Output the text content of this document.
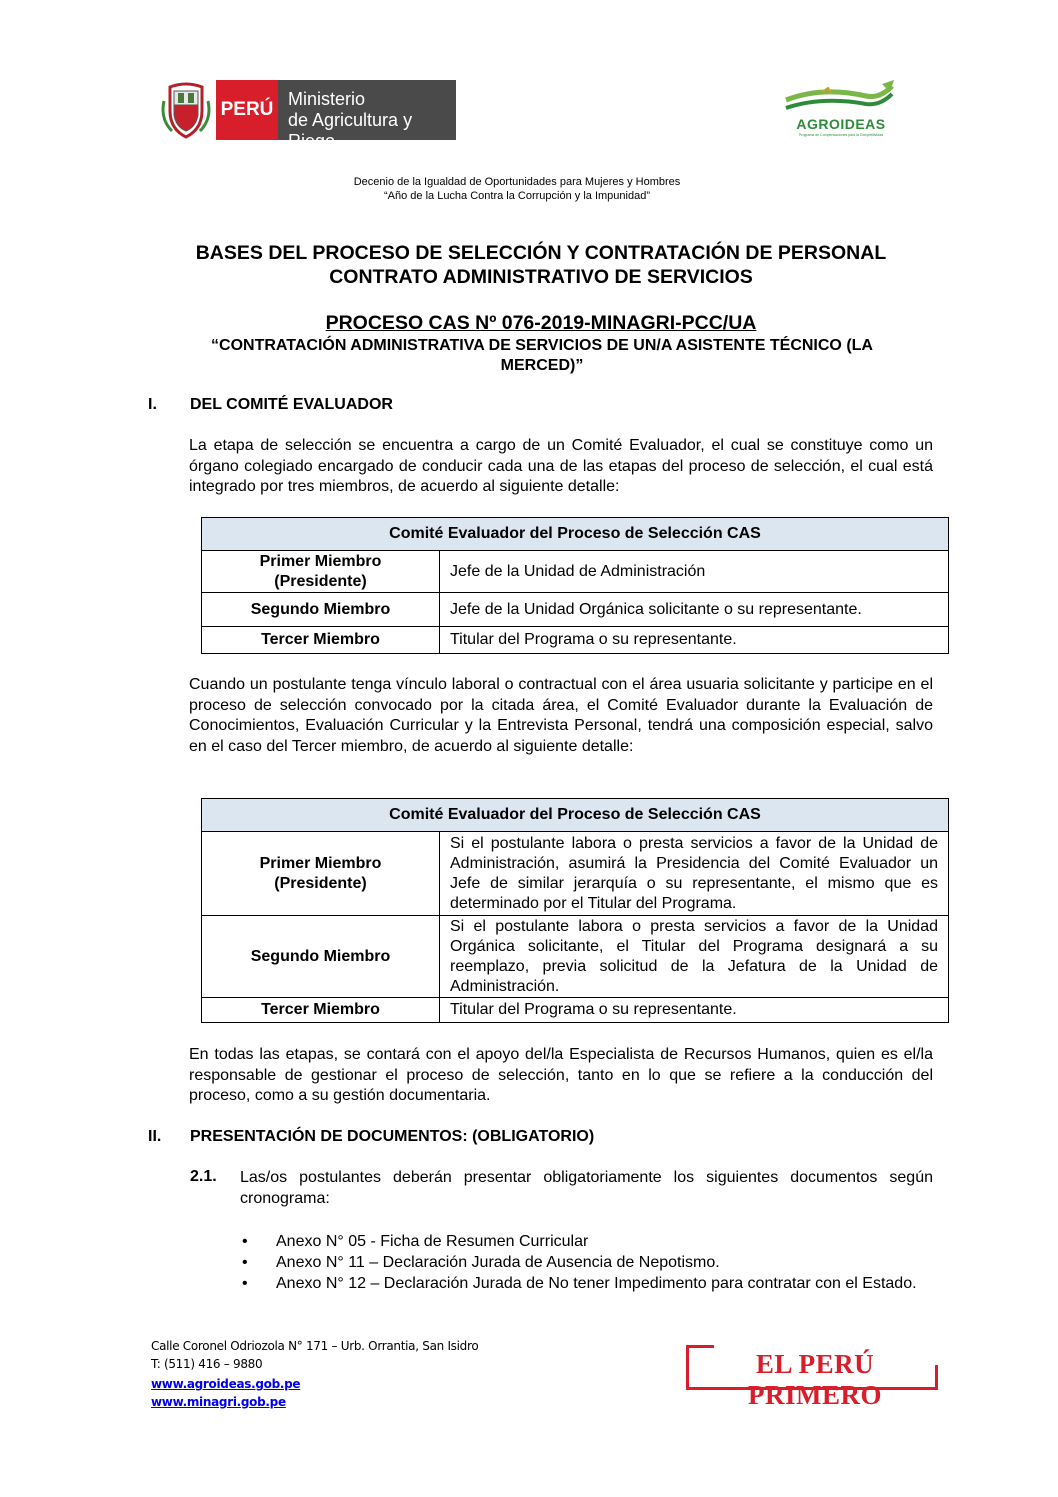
PERÚ Ministerio
de Agricultura y Riego
AGROIDEAS
Programa de Compensaciones para la Competitividad
Decenio de la Igualdad de Oportunidades para Mujeres y Hombres
“Año de la Lucha Contra la Corrupción y la Impunidad”
BASES DEL PROCESO DE SELECCIÓN Y CONTRATACIÓN DE PERSONAL
CONTRATO ADMINISTRATIVO DE SERVICIOS
PROCESO CAS Nº 076-2019-MINAGRI-PCC/UA
“CONTRATACIÓN ADMINISTRATIVA DE SERVICIOS DE UN/A ASISTENTE TÉCNICO (LA MERCED)”
I. DEL COMITÉ EVALUADOR
La etapa de selección se encuentra a cargo de un Comité Evaluador, el cual se constituye como un órgano colegiado encargado de conducir cada una de las etapas del proceso de selección, el cual está integrado por tres miembros, de acuerdo al siguiente detalle:
Comité Evaluador del Proceso de Selección CAS	
Primer Miembro (Presidente)	Jefe de la Unidad de Administración
Segundo Miembro	Jefe de la Unidad Orgánica solicitante o su representante.
Tercer Miembro	Titular del Programa o su representante.
Cuando un postulante tenga vínculo laboral o contractual con el área usuaria solicitante y participe en el proceso de selección convocado por la citada área, el Comité Evaluador durante la Evaluación de Conocimientos, Evaluación Curricular y la Entrevista Personal, tendrá una composición especial, salvo en el caso del Tercer miembro, de acuerdo al siguiente detalle:
Comité Evaluador del Proceso de Selección CAS	
Primer Miembro (Presidente)	Si el postulante labora o presta servicios a favor de la Unidad de Administración, asumirá la Presidencia del Comité Evaluador un Jefe de similar jerarquía o su representante, el mismo que es determinado por el Titular del Programa.
Segundo Miembro	Si el postulante labora o presta servicios a favor de la Unidad Orgánica solicitante, el Titular del Programa designará a su reemplazo, previa solicitud de la Jefatura de la Unidad de Administración.
Tercer Miembro	Titular del Programa o su representante.
En todas las etapas, se contará con el apoyo del/la Especialista de Recursos Humanos, quien es el/la responsable de gestionar el proceso de selección, tanto en lo que se refiere a la conducción del proceso, como a su gestión documentaria.
II. PRESENTACIÓN DE DOCUMENTOS: (OBLIGATORIO)
2.1. Las/os postulantes deberán presentar obligatoriamente los siguientes documentos según cronograma:
• Anexo N° 05 - Ficha de Resumen Curricular
• Anexo N° 11 – Declaración Jurada de Ausencia de Nepotismo.
• Anexo N° 12 – Declaración Jurada de No tener Impedimento para contratar con el Estado.
Calle Coronel Odriozola N° 171 – Urb. Orrantia, San Isidro
T: (511) 416 – 9880
www.agroideas.gob.pe
www.minagri.gob.pe
EL PERÚ PRIMERO
